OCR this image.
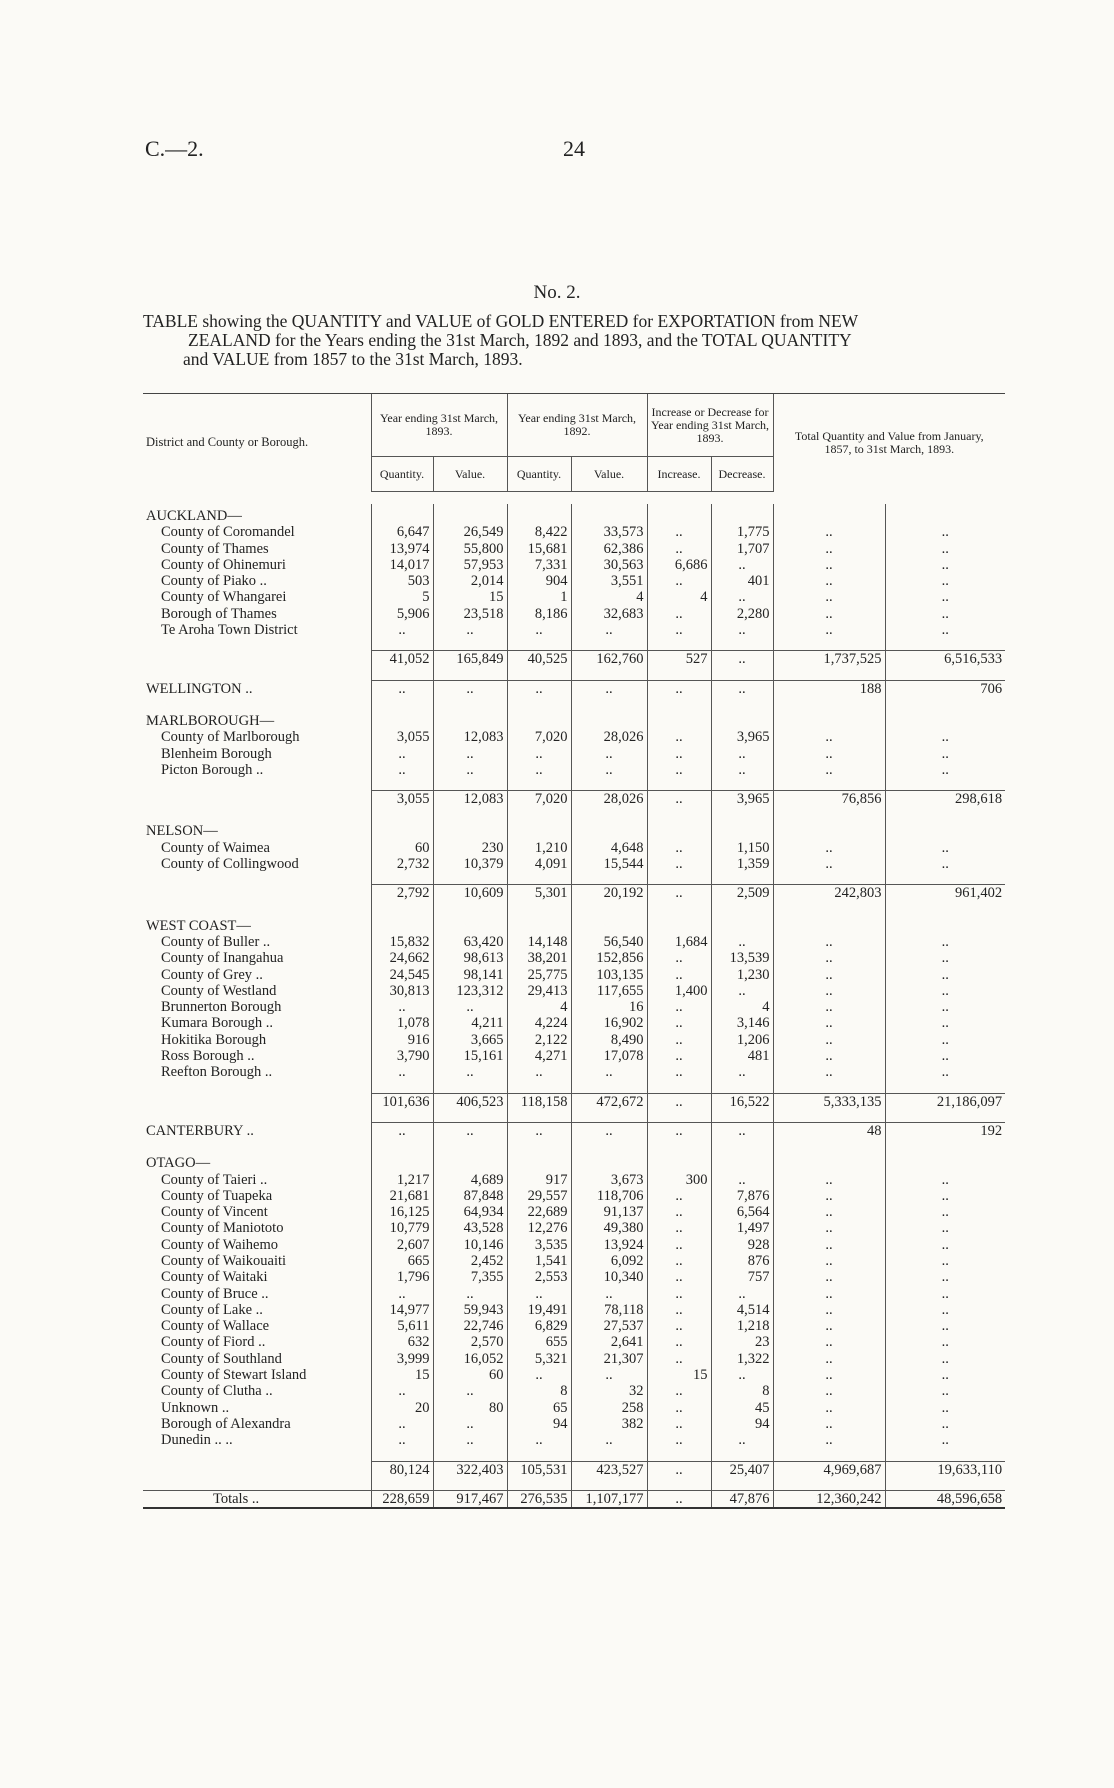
C.—2.	24
No. 2.
TABLE showing the QUANTITY and VALUE of GOLD ENTERED for EXPORTATION from NEW
ZEALAND for the Years ending the 31st March, 1892 and 1893, and the TOTAL QUANTITY
and VALUE from 1857 to the 31st March, 1893.

District and County or Borough.	Year ending 31st March, 1893.		Year ending 31st March, 1892.		Increase or Decrease for Year ending 31st March, 1893.		Total Quantity and Value from January, 1857, to 31st March, 1893.	
	Quantity.	Value.	Quantity.	Value.	Increase.	Decrease.		

AUCKLAND—								
County of Coromandel	6,647	26,549	8,422	33,573	..	1,775	..	..
County of Thames	13,974	55,800	15,681	62,386	..	1,707	..	..
County of Ohinemuri	14,017	57,953	7,331	30,563	6,686	..	..	..
County of Piako ..	503	2,014	904	3,551	..	401	..	..
County of Whangarei	5	15	1	4	4	..	..	..
Borough of Thames	5,906	23,518	8,186	32,683	..	2,280	..	..
Te Aroha Town District	..	..	..	..	..	..	..	..

	41,052	165,849	40,525	162,760	527	..	1,737,525	6,516,533

WELLINGTON ..	..	..	..	..	..	..	188	706

MARLBOROUGH—								
County of Marlborough	3,055	12,083	7,020	28,026	..	3,965	..	..
Blenheim Borough	..	..	..	..	..	..	..	..
Picton Borough ..	..	..	..	..	..	..	..	..

	3,055	12,083	7,020	28,026	..	3,965	76,856	298,618

NELSON—								
County of Waimea	60	230	1,210	4,648	..	1,150	..	..
County of Collingwood	2,732	10,379	4,091	15,544	..	1,359	..	..

	2,792	10,609	5,301	20,192	..	2,509	242,803	961,402

WEST COAST—								
County of Buller ..	15,832	63,420	14,148	56,540	1,684	..	..	..
County of Inangahua	24,662	98,613	38,201	152,856	..	13,539	..	..
County of Grey ..	24,545	98,141	25,775	103,135	..	1,230	..	..
County of Westland	30,813	123,312	29,413	117,655	1,400	..	..	..
Brunnerton Borough	..	..	4	16	..	4	..	..
Kumara Borough ..	1,078	4,211	4,224	16,902	..	3,146	..	..
Hokitika Borough	916	3,665	2,122	8,490	..	1,206	..	..
Ross Borough ..	3,790	15,161	4,271	17,078	..	481	..	..
Reefton Borough ..	..	..	..	..	..	..	..	..

	101,636	406,523	118,158	472,672	..	16,522	5,333,135	21,186,097

CANTERBURY ..	..	..	..	..	..	..	48	192

OTAGO—								
County of Taieri ..	1,217	4,689	917	3,673	300	..	..	..
County of Tuapeka	21,681	87,848	29,557	118,706	..	7,876	..	..
County of Vincent	16,125	64,934	22,689	91,137	..	6,564	..	..
County of Maniototo	10,779	43,528	12,276	49,380	..	1,497	..	..
County of Waihemo	2,607	10,146	3,535	13,924	..	928	..	..
County of Waikouaiti	665	2,452	1,541	6,092	..	876	..	..
County of Waitaki	1,796	7,355	2,553	10,340	..	757	..	..
County of Bruce ..	..	..	..	..	..	..	..	..
County of Lake ..	14,977	59,943	19,491	78,118	..	4,514	..	..
County of Wallace	5,611	22,746	6,829	27,537	..	1,218	..	..
County of Fiord ..	632	2,570	655	2,641	..	23	..	..
County of Southland	3,999	16,052	5,321	21,307	..	1,322	..	..
County of Stewart Island	15	60	..	..	15	..	..	..
County of Clutha ..	..	..	8	32	..	8	..	..
Unknown ..	20	80	65	258	..	45	..	..
Borough of Alexandra	..	..	94	382	..	94	..	..
Dunedin .. ..	..	..	..	..	..	..	..	..

	80,124	322,403	105,531	423,527	..	25,407	4,969,687	19,633,110

Totals ..	228,659	917,467	276,535	1,107,177	..	47,876	12,360,242	48,596,658
